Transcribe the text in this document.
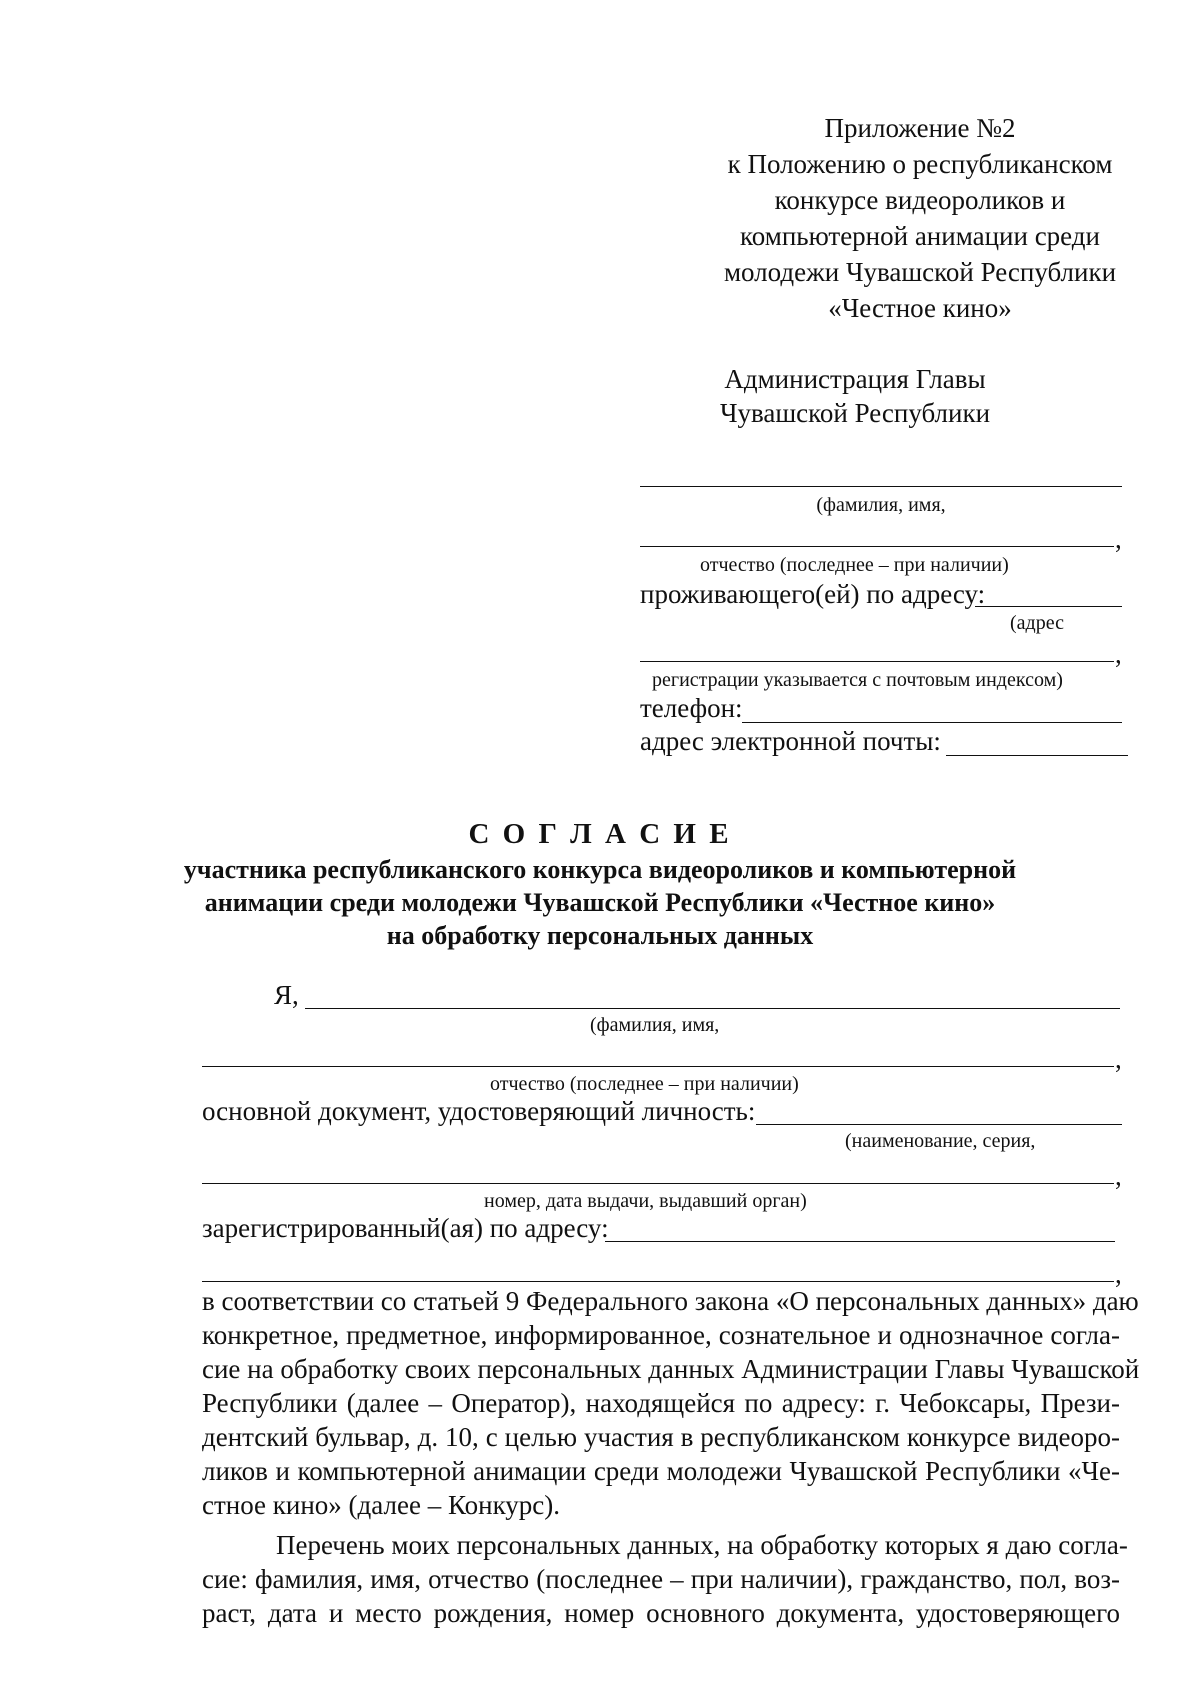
Приложение №2
к Положению о республиканском
конкурсе видеороликов и
компьютерной анимации среди
молодежи Чувашской Республики
«Честное кино»
Администрация Главы
Чувашской Республики
(фамилия, имя,
,
отчество (последнее – при наличии)
проживающего(ей) по адресу:
(адрес
,
регистрации указывается с почтовым индексом)
телефон:
адрес электронной почты:
С О Г Л А С И Е
участника республиканского конкурса видеороликов и компьютерной
анимации среди молодежи Чувашской Республики «Честное кино»
на обработку персональных данных
Я,
(фамилия, имя,
,
отчество (последнее – при наличии)
основной документ, удостоверяющий личность:
(наименование, серия,
,
номер, дата выдачи, выдавший орган)
зарегистрированный(ая) по адресу:
,
в соответствии со статьей 9 Федерального закона «О персональных данных» даю
конкретное, предметное, информированное, сознательное и однозначное согла-
сие на обработку своих персональных данных Администрации Главы Чувашской
Республики (далее – Оператор), находящейся по адресу: г. Чебоксары, Прези-
дентский бульвар, д. 10, с целью участия в республиканском конкурсе видеоро-
ликов и компьютерной анимации среди молодежи Чувашской Республики «Че-
стное кино» (далее – Конкурс).
Перечень моих персональных данных, на обработку которых я даю согла-
сие: фамилия, имя, отчество (последнее – при наличии), гражданство, пол, воз-
раст, дата и место рождения, номер основного документа, удостоверяющего
